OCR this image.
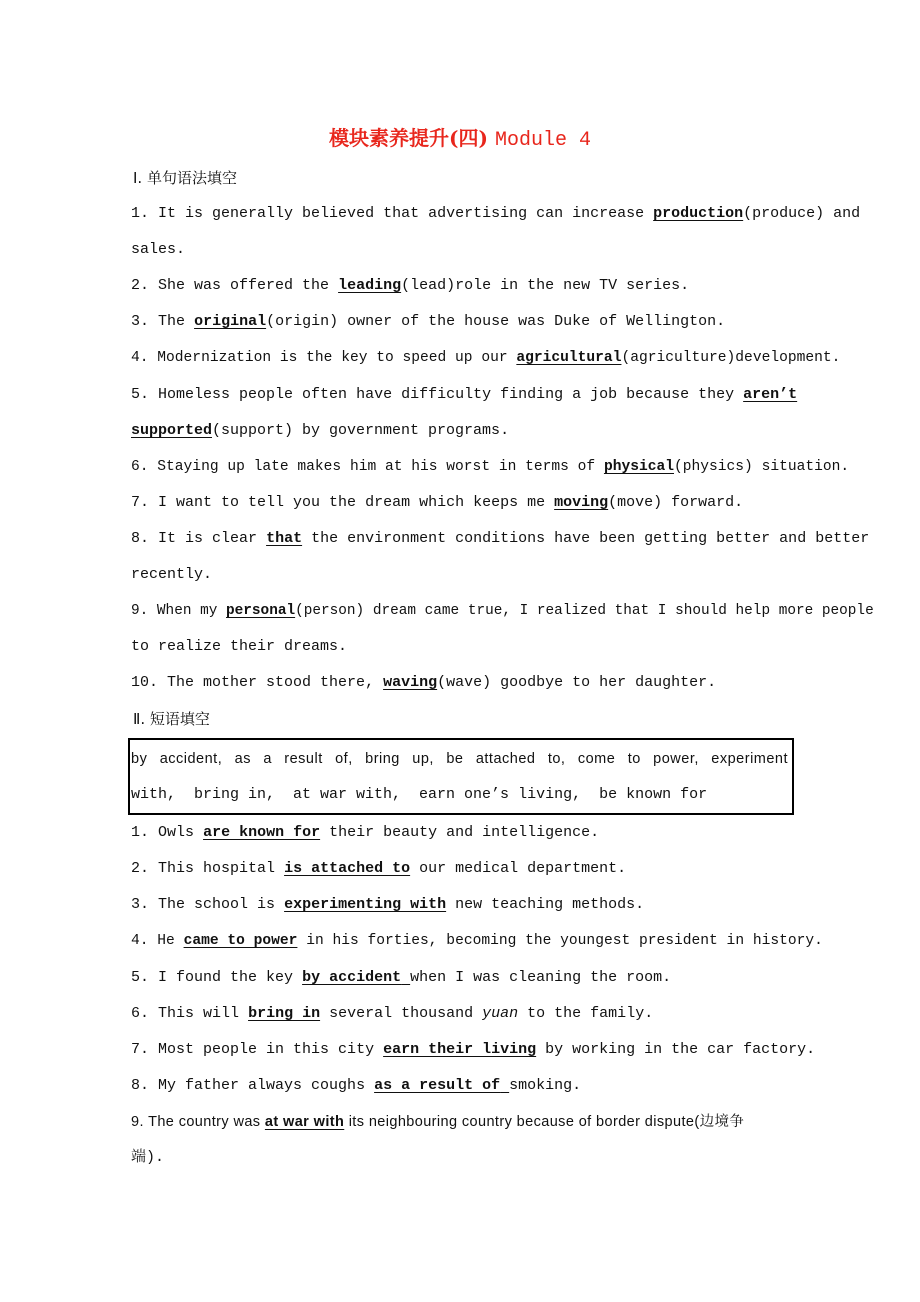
模块素养提升(四) Module 4
Ⅰ. 单句语法填空
1. It is generally believed that advertising can increase production(produce) and
sales.
2. She was offered the leading(lead)role in the new TV series.
3. The original(origin) owner of the house was Duke of Wellington.
4. Modernization is the key to speed up our agricultural(agriculture)development.
5. Homeless people often have difficulty finding a job because they aren’t
supported(support) by government programs.
6. Staying up late makes him at his worst in terms of physical(physics) situation.
7. I want to tell you the dream which keeps me moving(move) forward.
8. It is clear that the environment conditions have been getting better and better
recently.
9. When my personal(person) dream came true, I realized that I should help more people
to realize their dreams.
10. The mother stood there, waving(wave) goodbye to her daughter.
Ⅱ. 短语填空
by accident, as a result of, bring up, be attached to, come to power, experiment
with,  bring in,  at war with,  earn one’s living,  be known for
1. Owls are known for their beauty and intelligence.
2. This hospital is attached to our medical department.
3. The school is experimenting with new teaching methods.
4. He came to power in his forties, becoming the youngest president in history.
5. I found the key by accident when I was cleaning the room.
6. This will bring in several thousand yuan to the family.
7. Most people in this city earn their living by working in the car factory.
8. My father always coughs as a result of smoking.
9. The country was at war with its neighbouring country because of border dispute(边境争
端).
